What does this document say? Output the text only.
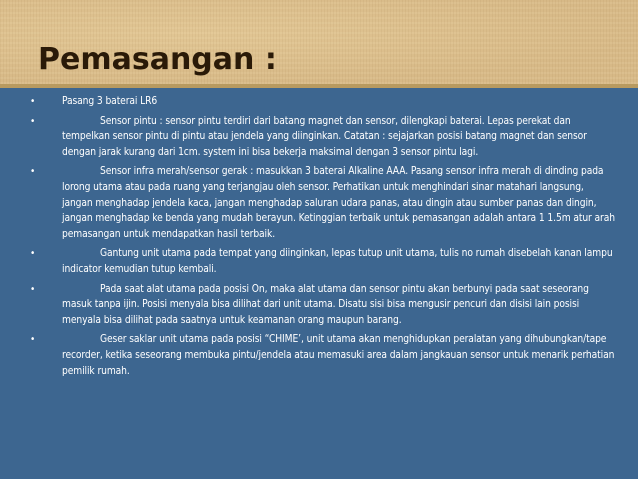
Pemasangan :
•	Pasang 3 baterai LR6
•	Sensor pintu : sensor pintu terdiri dari batang magnet dan sensor, dilengkapi baterai. Lepas perekat dan tempelkan sensor pintu di pintu atau jendela yang diinginkan. Catatan : sejajarkan posisi batang magnet dan sensor dengan jarak kurang dari 1cm. system ini bisa bekerja maksimal dengan 3 sensor pintu lagi.
•	Sensor infra merah/sensor gerak : masukkan 3 baterai Alkaline AAA. Pasang sensor infra merah di dinding pada lorong utama atau pada ruang yang terjangjau oleh sensor. Perhatikan untuk menghindari sinar matahari langsung, jangan menghadap jendela kaca, jangan menghadap saluran udara panas, atau dingin atau sumber panas dan dingin, jangan menghadap ke benda yang mudah berayun. Ketinggian terbaik untuk pemasangan adalah antara 1 1.5m atur arah pemasangan untuk mendapatkan hasil terbaik.
•	Gantung unit utama pada tempat yang diinginkan, lepas tutup unit utama, tulis no rumah disebelah kanan lampu indicator kemudian tutup kembali.
•	Pada saat alat utama pada posisi On, maka alat utama dan sensor pintu akan berbunyi pada saat seseorang masuk tanpa ijin. Posisi menyala bisa dilihat dari unit utama. Disatu sisi bisa mengusir pencuri dan disisi lain posisi menyala bisa dilihat pada saatnya untuk keamanan orang maupun barang.
•	Geser saklar unit utama pada posisi “CHIME’, unit utama akan menghidupkan peralatan yang dihubungkan/tape recorder, ketika seseorang membuka pintu/jendela atau memasuki area dalam jangkauan sensor untuk menarik perhatian pemilik rumah.
